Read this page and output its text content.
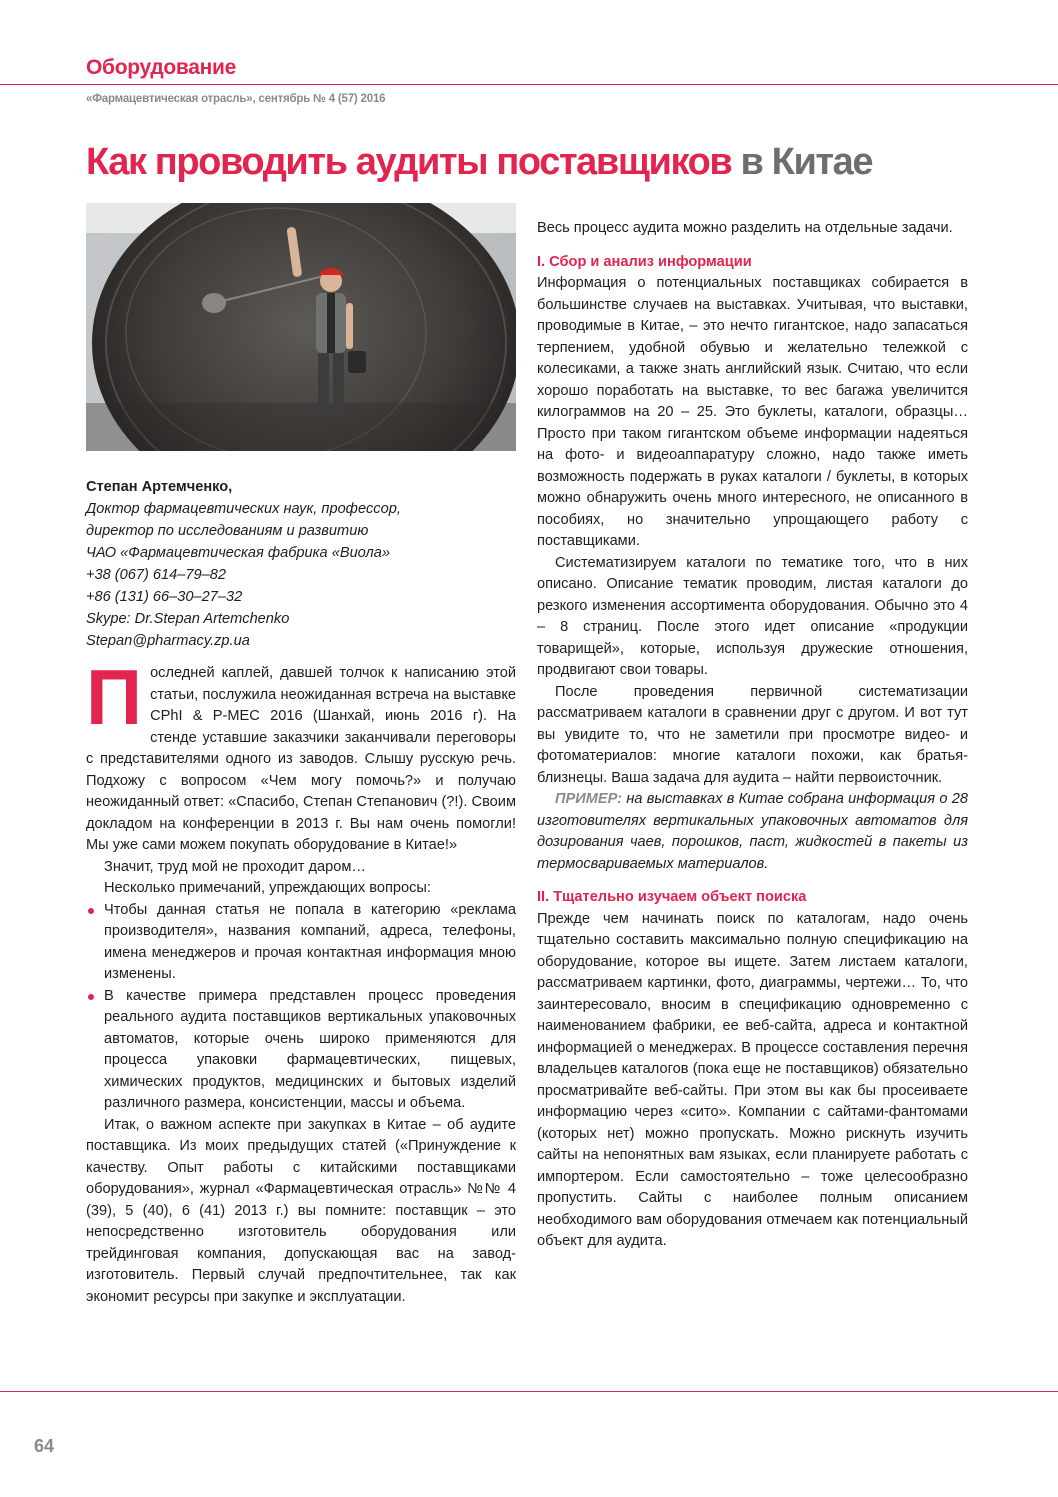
Оборудование
«Фармацевтическая отрасль», сентябрь № 4 (57) 2016
Как проводить аудиты поставщиков в Китае
Степан Артемченко,
Доктор фармацевтических наук, профессор,
директор по исследованиям и развитию
ЧАО «Фармацевтическая фабрика «Виола»
+38 (067) 614–79–82
+86 (131) 66–30–27–32
Skype: Dr.Stepan Artemchenko
Stepan@pharmacy.zp.ua

Последней каплей, давшей толчок к написанию этой статьи, послужила неожиданная встреча на выставке CPhI & P-MEC 2016 (Шанхай, июнь 2016 г). На стенде уставшие заказчики заканчивали переговоры с представителями одного из заводов. Слышу русскую речь. Подхожу с вопросом «Чем могу помочь?» и получаю неожиданный ответ: «Спасибо, Степан Степанович (?!). Своим докладом на конференции в 2013 г. Вы нам очень помогли! Мы уже сами можем покупать оборудование в Китае!»

Значит, труд мой не проходит даром…

Несколько примечаний, упреждающих вопросы:

Чтобы данная статья не попала в категорию «реклама производителя», названия компаний, адреса, телефоны, имена менеджеров и прочая контактная информация мною изменены.
В качестве примера представлен процесс проведения реального аудита поставщиков вертикальных упаковочных автоматов, которые очень широко применяются для процесса упаковки фармацевтических, пищевых, химических продуктов, медицинских и бытовых изделий различного размера, консистенции, массы и объема.

Итак, о важном аспекте при закупках в Китае – об аудите поставщика. Из моих предыдущих статей («Принуждение к качеству. Опыт работы с китайскими поставщиками оборудования», журнал «Фармацевтическая отрасль» №№ 4 (39), 5 (40), 6 (41) 2013 г.) вы помните: поставщик – это непосредственно изготовитель оборудования или трейдинговая компания, допускающая вас на завод-изготовитель. Первый случай предпочтительнее, так как экономит ресурсы при закупке и эксплуатации.

Весь процесс аудита можно разделить на отдельные задачи.

I. Сбор и анализ информации

Информация о потенциальных поставщиках собирается в большинстве случаев на выставках. Учитывая, что выставки, проводимые в Китае, – это нечто гигантское, надо запасаться терпением, удобной обувью и желательно тележкой с колесиками, а также знать английский язык. Считаю, что если хорошо поработать на выставке, то вес багажа увеличится килограммов на 20 – 25. Это буклеты, каталоги, образцы… Просто при таком гигантском объеме информации надеяться на фото- и видеоаппаратуру сложно, надо также иметь возможность подержать в руках каталоги / буклеты, в которых можно обнаружить очень много интересного, не описанного в пособиях, но значительно упрощающего работу с поставщиками.

Систематизируем каталоги по тематике того, что в них описано. Описание тематик проводим, листая каталоги до резкого изменения ассортимента оборудования. Обычно это 4 – 8 страниц. После этого идет описание «продукции товарищей», которые, используя дружеские отношения, продвигают свои товары.

После проведения первичной систематизации рассматриваем каталоги в сравнении друг с другом. И вот тут вы увидите то, что не заметили при просмотре видео- и фотоматериалов: многие каталоги похожи, как братья-близнецы. Ваша задача для аудита – найти первоисточник.

ПРИМЕР: на выставках в Китае собрана информация о 28 изготовителях вертикальных упаковочных автоматов для дозирования чаев, порошков, паст, жидкостей в пакеты из термосвариваемых материалов.

II. Тщательно изучаем объект поиска

Прежде чем начинать поиск по каталогам, надо очень тщательно составить максимально полную спецификацию на оборудование, которое вы ищете. Затем листаем каталоги, рассматриваем картинки, фото, диаграммы, чертежи… То, что заинтересовало, вносим в спецификацию одновременно с наименованием фабрики, ее веб-сайта, адреса и контактной информацией о менеджерах. В процессе составления перечня владельцев каталогов (пока еще не поставщиков) обязательно просматривайте веб-сайты. При этом вы как бы просеиваете информацию через «сито». Компании с сайтами-фантомами (которых нет) можно пропускать. Можно рискнуть изучить сайты на непонятных вам языках, если планируете работать с импортером. Если самостоятельно – тоже целесообразно пропустить. Сайты с наиболее полным описанием необходимого вам оборудования отмечаем как потенциальный объект для аудита.

64
